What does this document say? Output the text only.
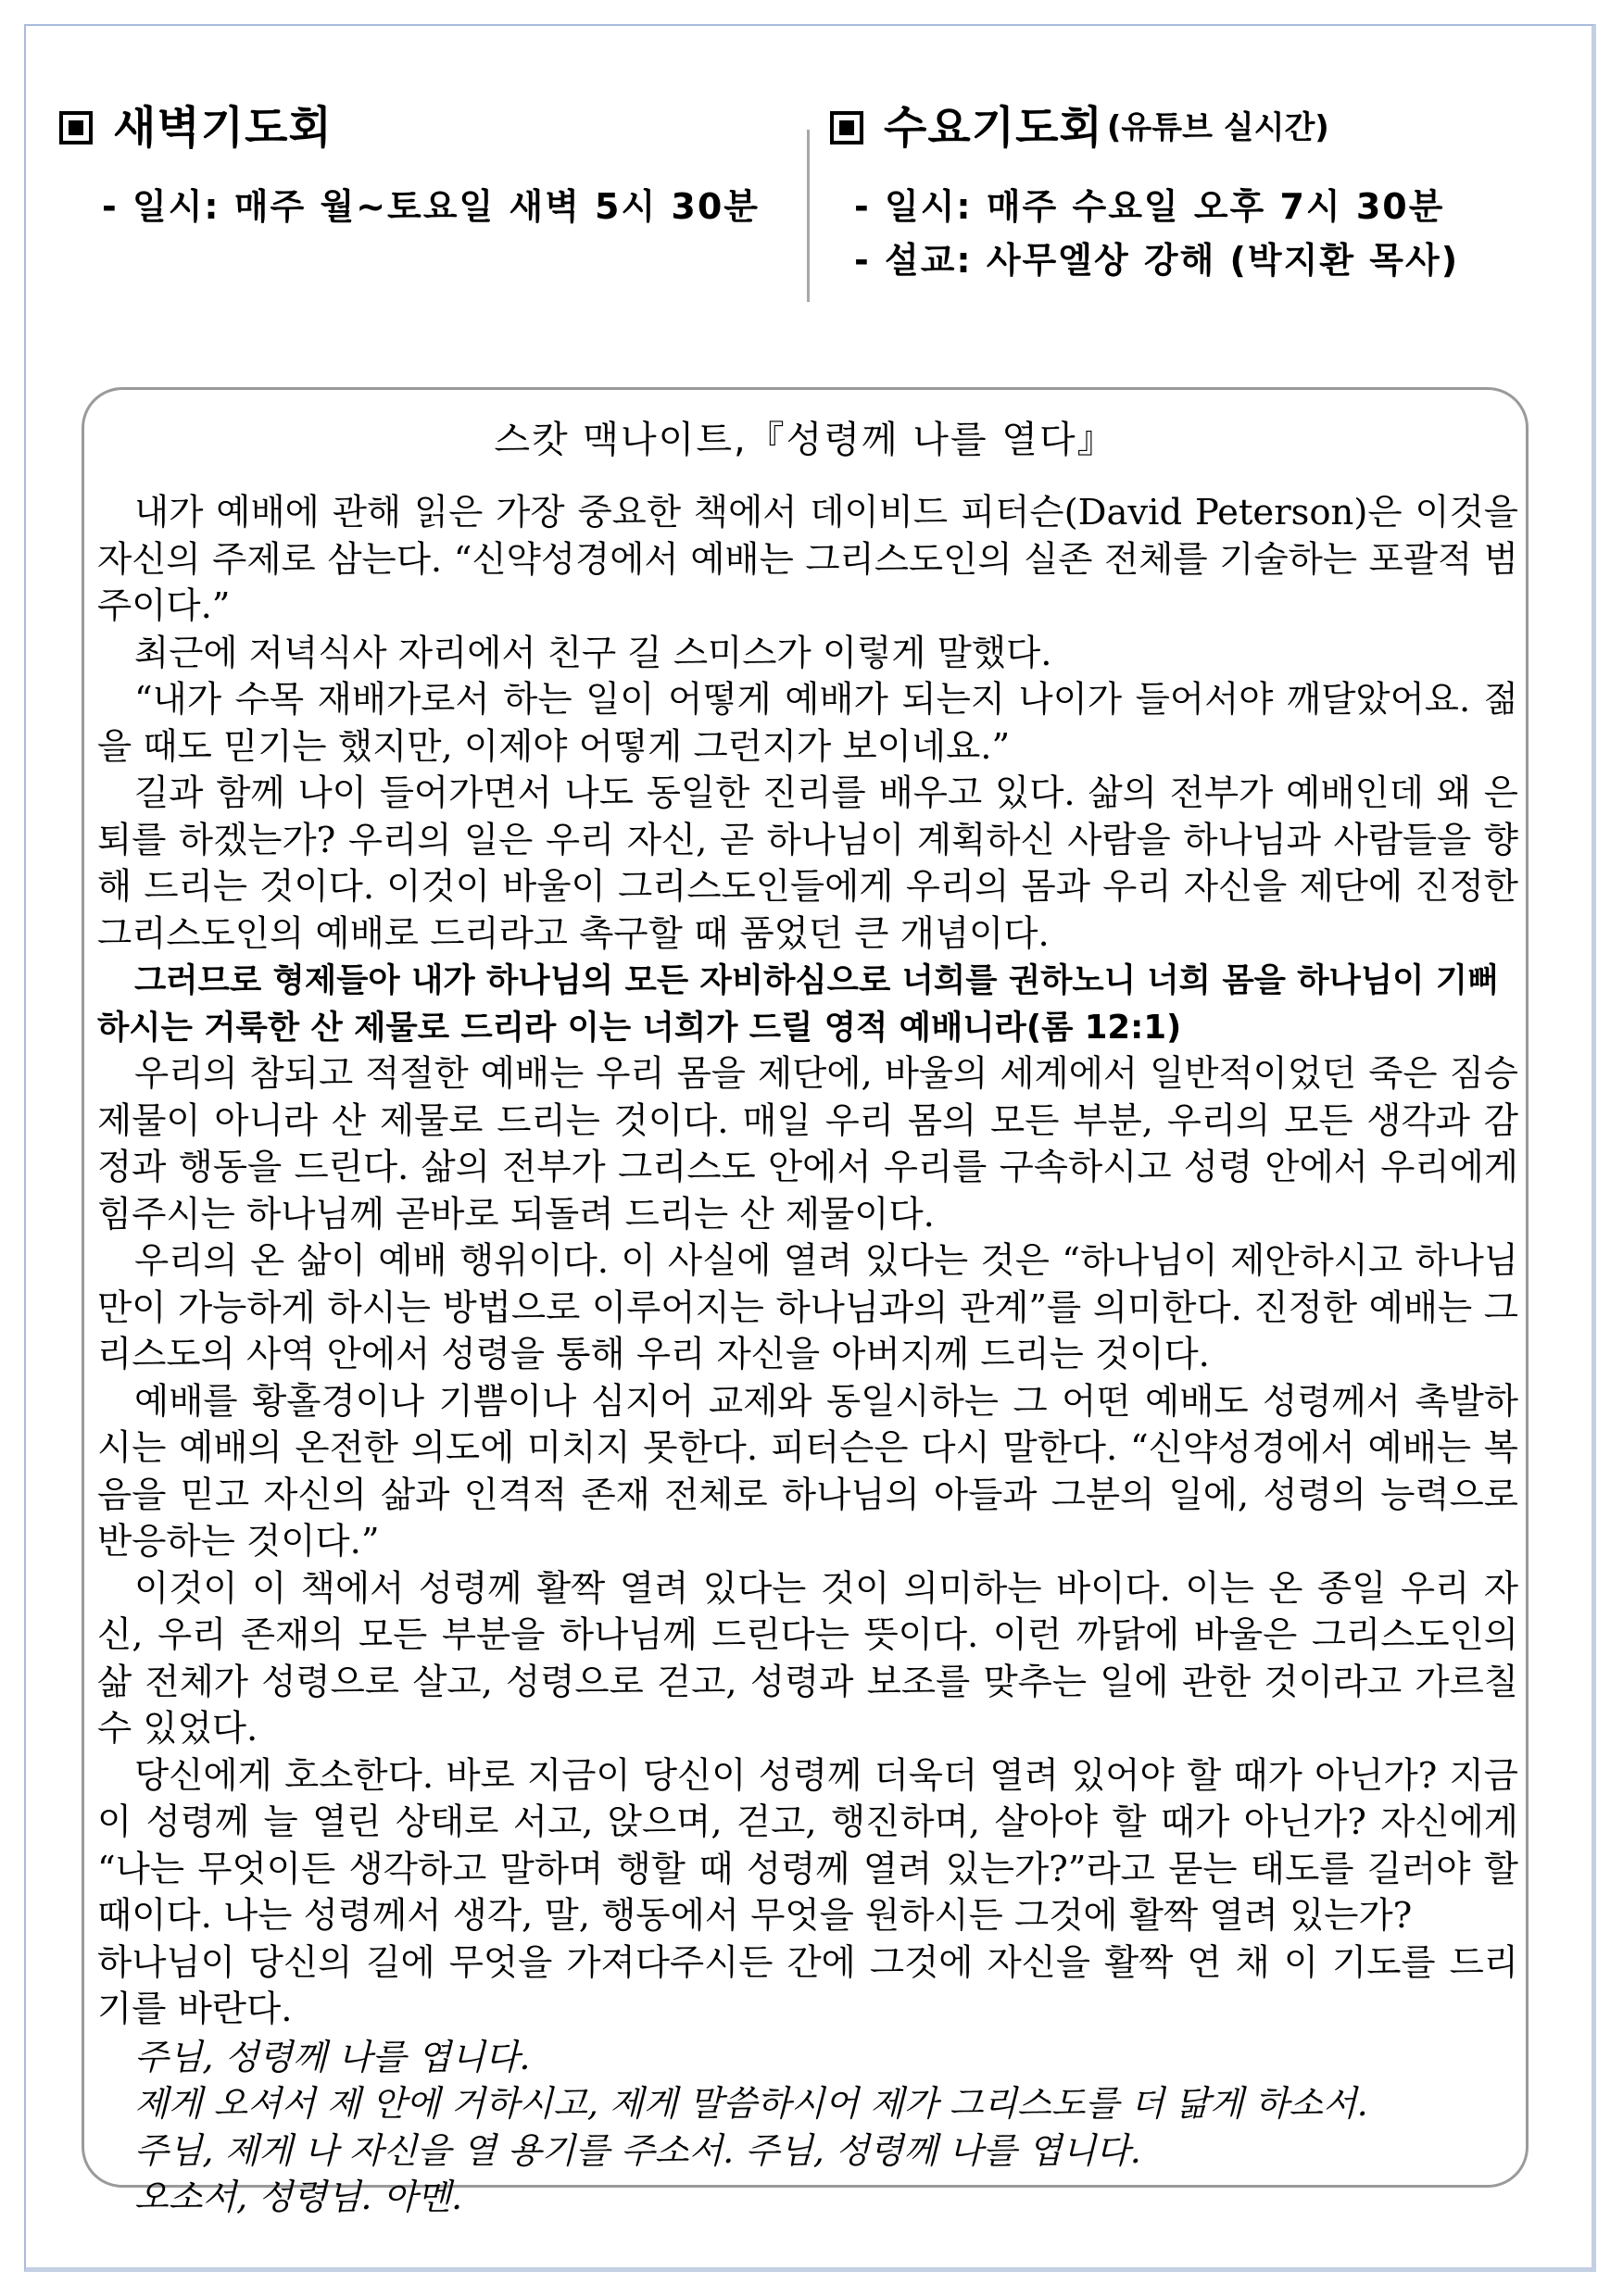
새벽기도회
- 일시: 매주 월~토요일 새벽 5시 30분
수요기도회 (유튜브 실시간)
- 일시: 매주 수요일 오후 7시 30분
- 설교: 사무엘상 강해 (박지환 목사)
스캇 맥나이트,『성령께 나를 열다』

내가 예배에 관해 읽은 가장 중요한 책에서 데이비드 피터슨(David Peterson)은 이것을 자신의 주제로 삼는다. “신약성경에서 예배는 그리스도인의 실존 전체를 기술하는 포괄적 범주이다.”

최근에 저녁식사 자리에서 친구 길 스미스가 이렇게 말했다.

“내가 수목 재배가로서 하는 일이 어떻게 예배가 되는지 나이가 들어서야 깨달았어요. 젊을 때도 믿기는 했지만, 이제야 어떻게 그런지가 보이네요.”

길과 함께 나이 들어가면서 나도 동일한 진리를 배우고 있다. 삶의 전부가 예배인데 왜 은퇴를 하겠는가? 우리의 일은 우리 자신, 곧 하나님이 계획하신 사람을 하나님과 사람들을 향해 드리는 것이다. 이것이 바울이 그리스도인들에게 우리의 몸과 우리 자신을 제단에 진정한 그리스도인의 예배로 드리라고 촉구할 때 품었던 큰 개념이다.

그러므로 형제들아 내가 하나님의 모든 자비하심으로 너희를 권하노니 너희 몸을 하나님이 기뻐하시는 거룩한 산 제물로 드리라 이는 너희가 드릴 영적 예배니라(롬 12:1)

우리의 참되고 적절한 예배는 우리 몸을 제단에, 바울의 세계에서 일반적이었던 죽은 짐승 제물이 아니라 산 제물로 드리는 것이다. 매일 우리 몸의 모든 부분, 우리의 모든 생각과 감정과 행동을 드린다. 삶의 전부가 그리스도 안에서 우리를 구속하시고 성령 안에서 우리에게 힘주시는 하나님께 곧바로 되돌려 드리는 산 제물이다.

우리의 온 삶이 예배 행위이다. 이 사실에 열려 있다는 것은 “하나님이 제안하시고 하나님만이 가능하게 하시는 방법으로 이루어지는 하나님과의 관계”를 의미한다. 진정한 예배는 그리스도의 사역 안에서 성령을 통해 우리 자신을 아버지께 드리는 것이다.

예배를 황홀경이나 기쁨이나 심지어 교제와 동일시하는 그 어떤 예배도 성령께서 촉발하시는 예배의 온전한 의도에 미치지 못한다. 피터슨은 다시 말한다. “신약성경에서 예배는 복음을 믿고 자신의 삶과 인격적 존재 전체로 하나님의 아들과 그분의 일에, 성령의 능력으로 반응하는 것이다.”

이것이 이 책에서 성령께 활짝 열려 있다는 것이 의미하는 바이다. 이는 온 종일 우리 자신, 우리 존재의 모든 부분을 하나님께 드린다는 뜻이다. 이런 까닭에 바울은 그리스도인의 삶 전체가 성령으로 살고, 성령으로 걷고, 성령과 보조를 맞추는 일에 관한 것이라고 가르칠 수 있었다.

당신에게 호소한다. 바로 지금이 당신이 성령께 더욱더 열려 있어야 할 때가 아닌가? 지금이 성령께 늘 열린 상태로 서고, 앉으며, 걷고, 행진하며, 살아야 할 때가 아닌가? 자신에게 “나는 무엇이든 생각하고 말하며 행할 때 성령께 열려 있는가?”라고 묻는 태도를 길러야 할 때이다. 나는 성령께서 생각, 말, 행동에서 무엇을 원하시든 그것에 활짝 열려 있는가?

하나님이 당신의 길에 무엇을 가져다주시든 간에 그것에 자신을 활짝 연 채 이 기도를 드리기를 바란다.

주님, 성령께 나를 엽니다.
제게 오셔서 제 안에 거하시고, 제게 말씀하시어 제가 그리스도를 더 닮게 하소서.
주님, 제게 나 자신을 열 용기를 주소서. 주님, 성령께 나를 엽니다.
오소서, 성령님. 아멘.
